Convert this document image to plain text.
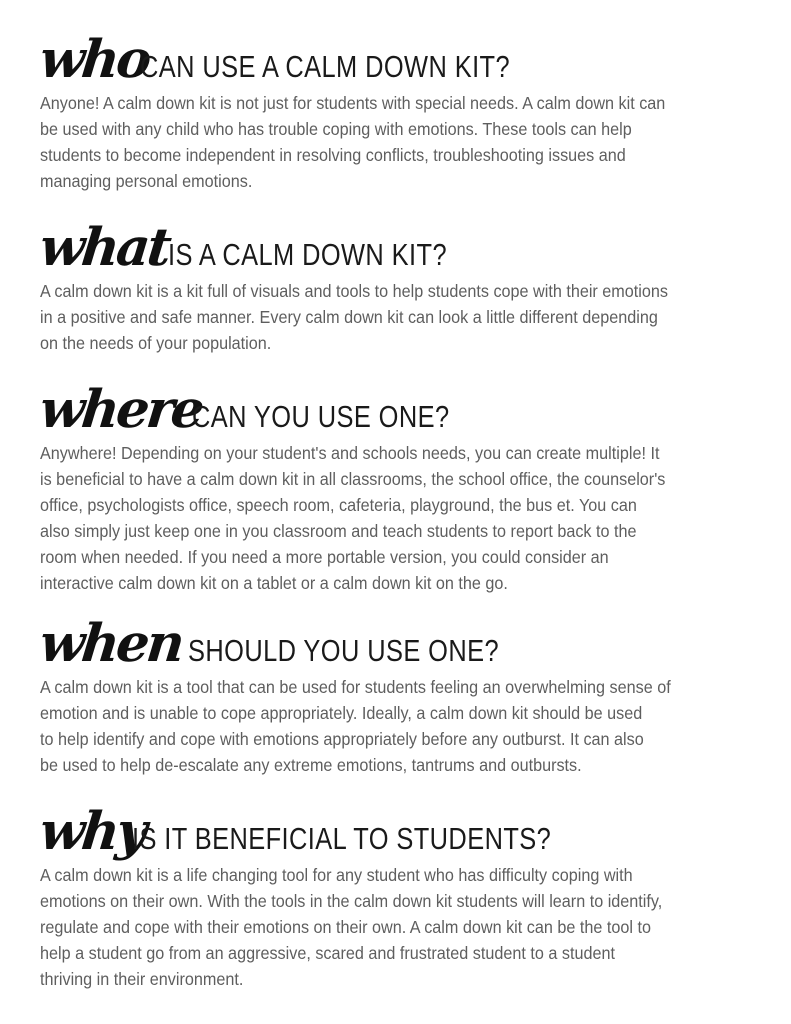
who
CAN USE A CALM DOWN KIT?
Anyone! A calm down kit is not just for students with special needs. A calm down kit can
be used with any child who has trouble coping with emotions. These tools can help
students to become independent in resolving conflicts, troubleshooting issues and
managing personal emotions.
what
IS A CALM DOWN KIT?
A calm down kit is a kit full of visuals and tools to help students cope with their emotions
in a positive and safe manner. Every calm down kit can look a little different depending
on the needs of your population.
where
CAN YOU USE ONE?
Anywhere! Depending on your student's and schools needs, you can create multiple! It
is beneficial to have a calm down kit in all classrooms, the school office, the counselor's
office, psychologists office, speech room, cafeteria, playground, the bus et. You can
also simply just keep one in you classroom and teach students to report back to the
room when needed. If you need a more portable version, you could consider an
interactive calm down kit on a tablet or a calm down kit on the go.
when SHOULD YOU USE ONE?
A calm down kit is a tool that can be used for students feeling an overwhelming sense of
emotion and is unable to cope appropriately. Ideally, a calm down kit should be used
to help identify and cope with emotions appropriately before any outburst. It can also
be used to help de-escalate any extreme emotions, tantrums and outbursts.
why
IS IT BENEFICIAL TO STUDENTS?
A calm down kit is a life changing tool for any student who has difficulty coping with
emotions on their own. With the tools in the calm down kit students will learn to identify,
regulate and cope with their emotions on their own. A calm down kit can be the tool to
help a student go from an aggressive, scared and frustrated student to a student
thriving in their environment.
